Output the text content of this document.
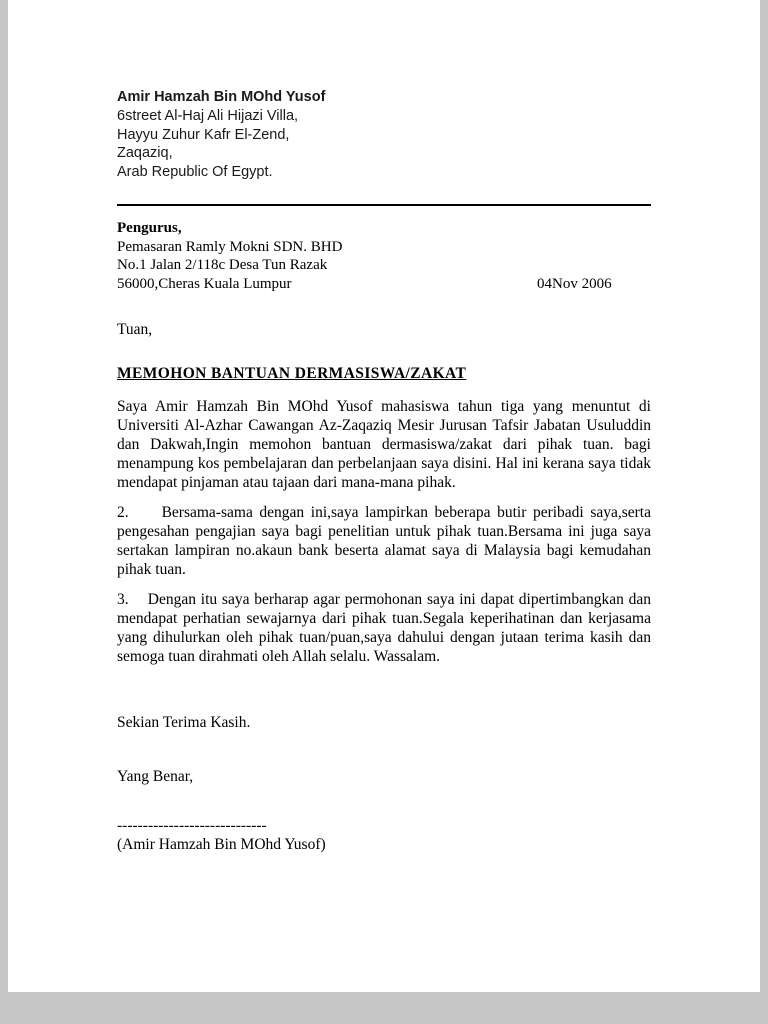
Amir Hamzah Bin MOhd Yusof
6street Al-Haj Ali Hijazi Villa,
Hayyu Zuhur Kafr El-Zend,
Zaqaziq,
Arab Republic Of Egypt.
Pengurus,
Pemasaran Ramly Mokni SDN. BHD
No.1 Jalan 2/118c Desa Tun Razak
56000,Cheras Kuala Lumpur	04Nov 2006
Tuan,
MEMOHON BANTUAN DERMASISWA/ZAKAT

Saya Amir Hamzah Bin MOhd Yusof mahasiswa tahun tiga yang menuntut di Universiti Al-Azhar Cawangan Az-Zaqaziq Mesir Jurusan Tafsir Jabatan Usuluddin dan Dakwah,Ingin memohon bantuan dermasiswa/zakat dari pihak tuan. bagi menampung kos pembelajaran dan perbelanjaan saya disini. Hal ini kerana saya tidak mendapat pinjaman atau tajaan dari mana-mana pihak.

2.     Bersama-sama dengan ini,saya lampirkan beberapa butir peribadi saya,serta pengesahan pengajian saya bagi penelitian untuk pihak tuan.Bersama ini juga saya sertakan lampiran no.akaun bank beserta alamat saya di Malaysia bagi kemudahan pihak tuan.

3.    Dengan itu saya berharap agar permohonan saya ini dapat dipertimbangkan dan mendapat perhatian sewajarnya dari pihak tuan.Segala keperihatinan dan kerjasama yang dihulurkan oleh pihak tuan/puan,saya dahului dengan jutaan terima kasih dan semoga tuan dirahmati oleh Allah selalu. Wassalam.

Sekian Terima Kasih.
Yang Benar,
-----------------------------
(Amir Hamzah Bin MOhd Yusof)
